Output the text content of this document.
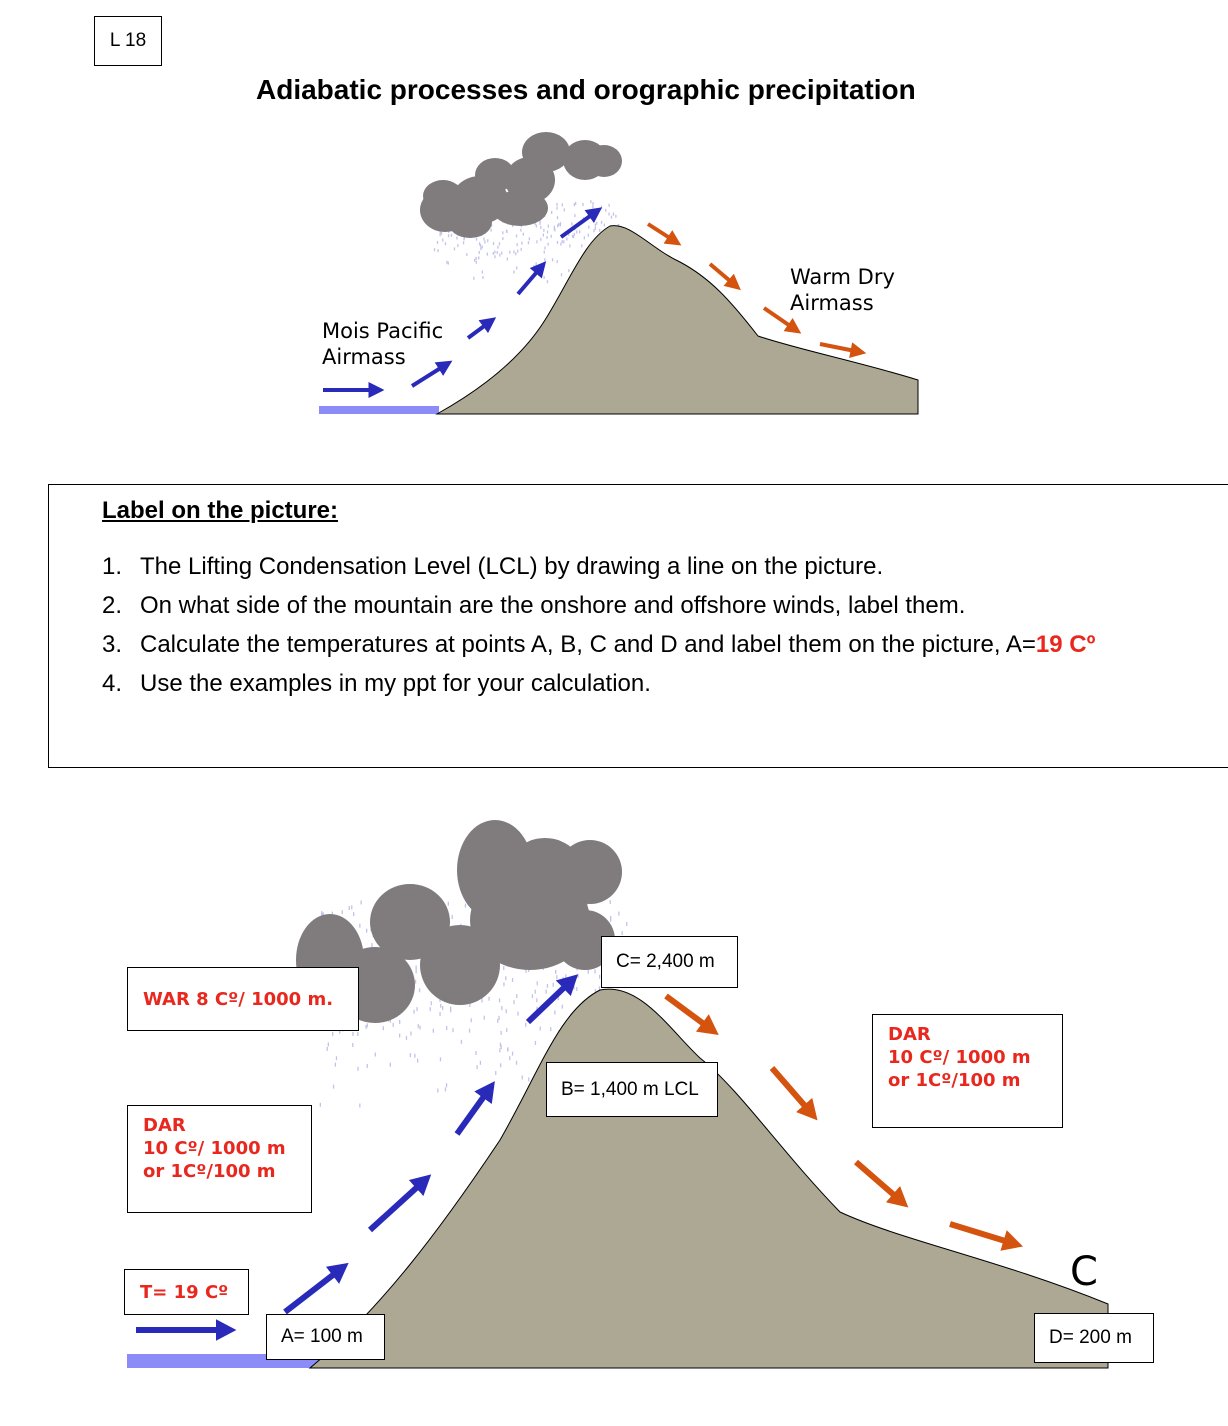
L 18
Adiabatic processes and orographic precipitation
Mois Pacific
Airmass
Warm Dry
Airmass
Label on the picture:
1. The Lifting Condensation Level (LCL) by drawing a line on the picture.
2. On what side of the mountain are the onshore and offshore winds, label them.
3. Calculate the temperatures at points A, B, C and D and label them on the picture, A=19 Cº
4. Use the examples in my ppt for your calculation.
C
WAR 8 Cº/ 1000 m.
DAR
10 Cº/ 1000 m
or 1Cº/100 m
DAR
10 Cº/ 1000 m
or 1Cº/100 m
T= 19 Cº
A= 100 m
B= 1,400 m LCL
C= 2,400 m
D= 200 m
